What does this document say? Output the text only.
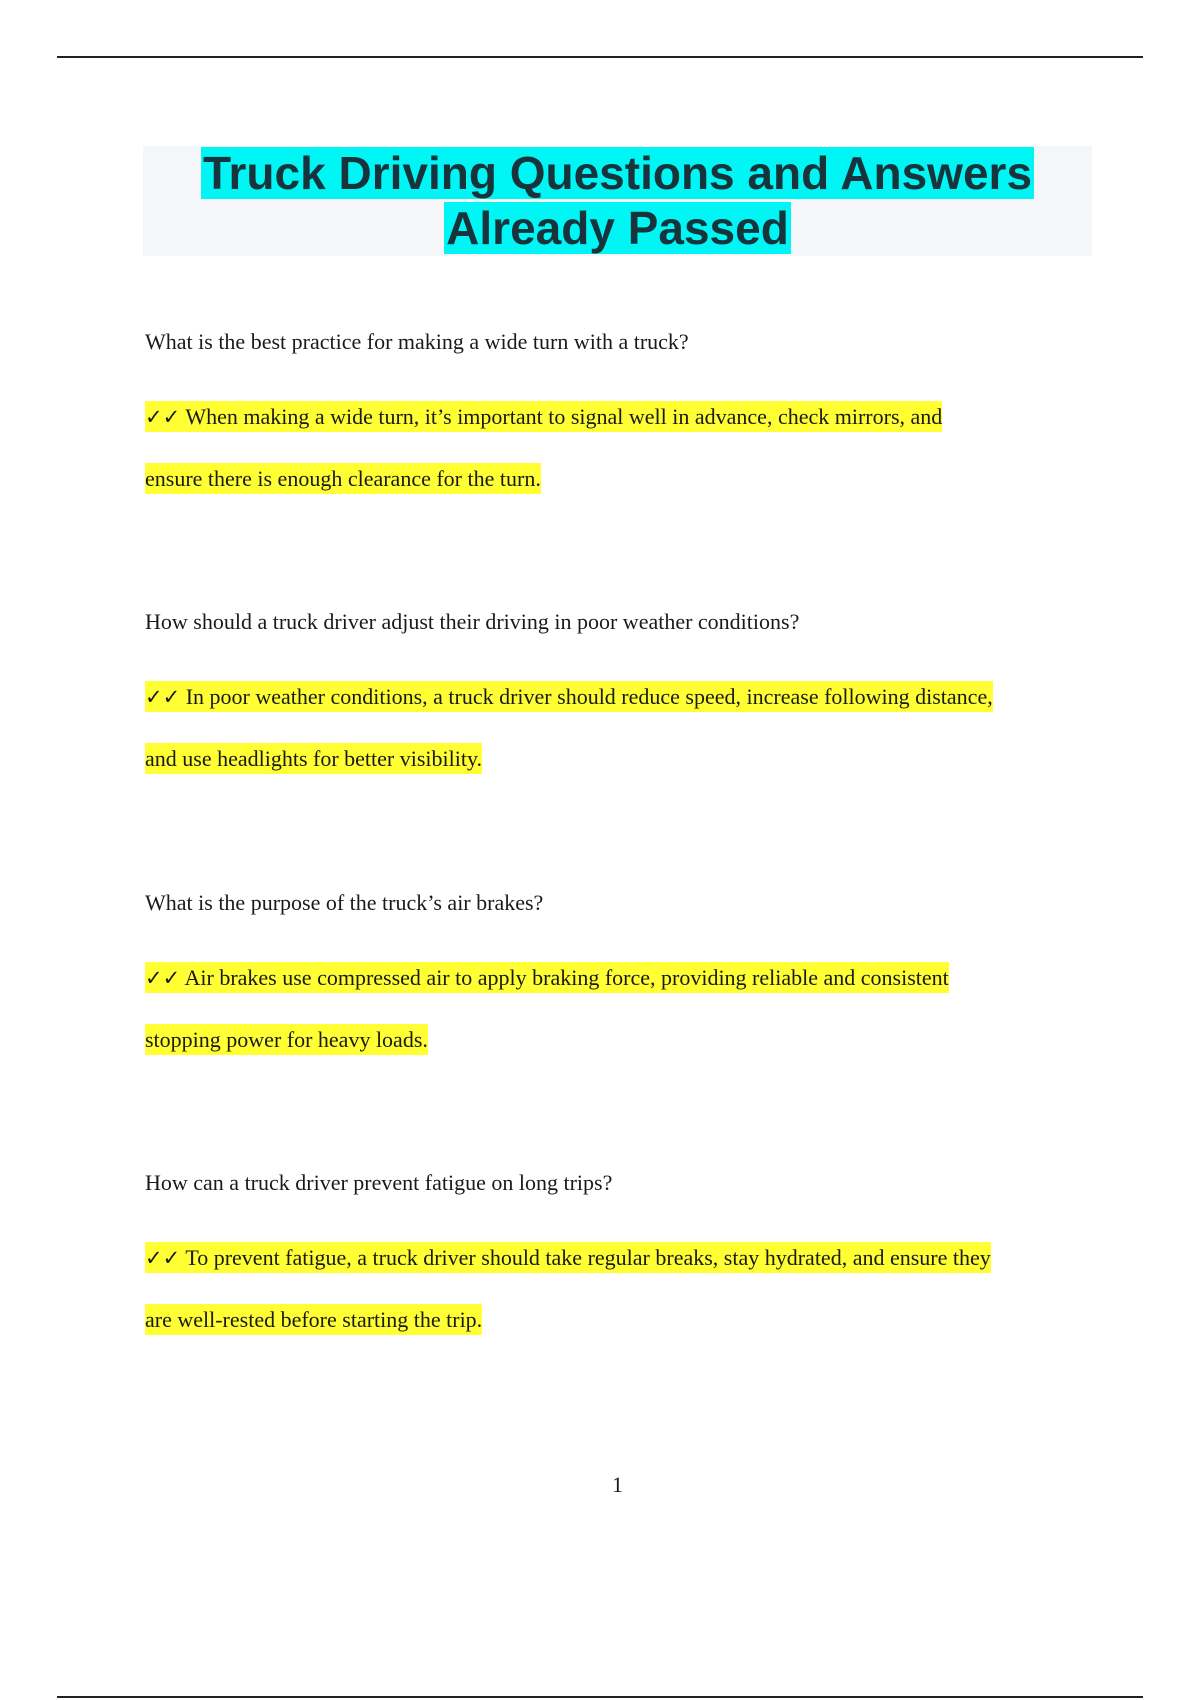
Truck Driving Questions and Answers
Already Passed

What is the best practice for making a wide turn with a truck?

✓✓ When making a wide turn, it’s important to signal well in advance, check mirrors, and
ensure there is enough clearance for the turn.

How should a truck driver adjust their driving in poor weather conditions?

✓✓ In poor weather conditions, a truck driver should reduce speed, increase following distance,
and use headlights for better visibility.

What is the purpose of the truck’s air brakes?

✓✓ Air brakes use compressed air to apply braking force, providing reliable and consistent
stopping power for heavy loads.

How can a truck driver prevent fatigue on long trips?

✓✓ To prevent fatigue, a truck driver should take regular breaks, stay hydrated, and ensure they
are well-rested before starting the trip.

1
